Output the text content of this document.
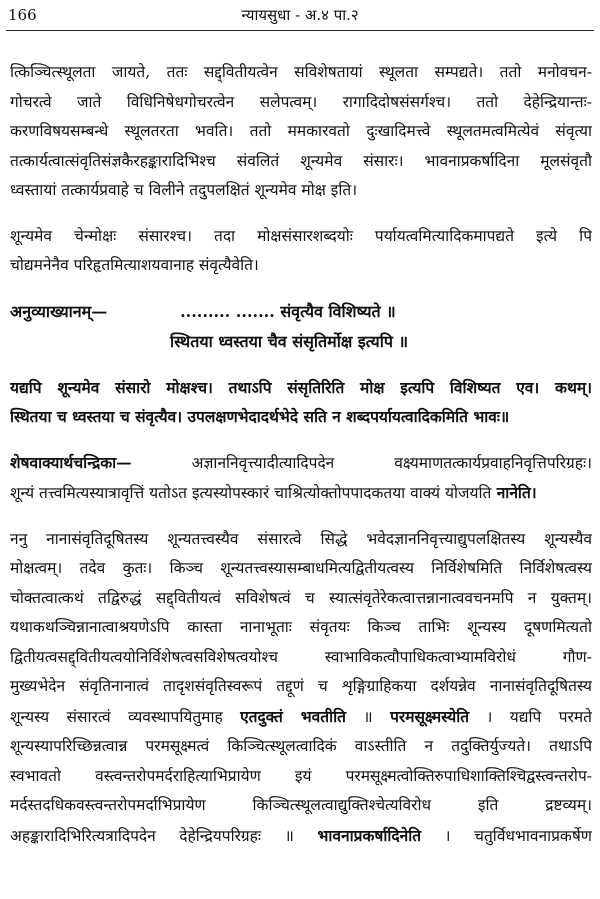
166	न्यायसुधा - अ.४ पा.२
त्किञ्चित्स्थूलता जायते, ततः सद्द्वितीयत्वेन सविशेषतायां स्थूलता सम्पद्यते। ततो मनोवचन-
गोचरत्वे जाते विधिनिषेधगोचरत्वेन सलेपत्वम्। रागादिदोषसंसर्गश्च। ततो देहेन्द्रियान्तः-
करणविषयसम्बन्धे स्थूलतरता भवति। ततो ममकारवतो दुःखादिमत्त्वे स्थूलतमत्वमित्येवं संवृत्या
तत्कार्यत्वात्संवृतिसंज्ञकैरहङ्कारादिभिश्च संवलितं शून्यमेव संसारः। भावनाप्रकर्षादिना मूलसंवृतौ
ध्वस्तायां तत्कार्यप्रवाहे च विलीने तदुपलक्षितं शून्यमेव मोक्ष इति।
शून्यमेव चेन्मोक्षः संसारश्च। तदा मोक्षसंसारशब्दयोः पर्यायत्वमित्यादिकमापद्यते इत्ये पि
चोद्यमनेनैव परिहृतमित्याशयवानाह संवृत्यैवेति।
अनुव्याख्यानम्—	......... ....... संवृत्यैव विशिष्यते ॥
स्थितया ध्वस्तया चैव संसृतिर्मोक्ष इत्यपि ॥
यद्यपि शून्यमेव संसारो मोक्षश्च। तथाऽपि संसृतिरिति मोक्ष इत्यपि विशिष्यत एव। कथम्।
स्थितया च ध्वस्तया च संवृत्यैव। उपलक्षणभेदादर्थभेदे सति न शब्दपर्यायत्वादिकमिति भावः॥
शेषवाक्यार्थचन्द्रिका— अज्ञाननिवृत्त्यादीत्यादिपदेन वक्ष्यमाणतत्कार्यप्रवाहनिवृत्तिपरिग्रहः।
शून्यं तत्त्वमित्यस्यात्रावृत्तिं यतोऽत इत्यस्योपस्कारं चाश्रित्योक्तोपपादकतया वाक्यं योजयति नानेति।
ननु नानासंवृतिदूषितस्य शून्यतत्त्वस्यैव संसारत्वे सिद्धे भवेदज्ञाननिवृत्त्याद्युपलक्षितस्य शून्यस्यैव
मोक्षत्वम्। तदेव कुतः। किञ्च शून्यतत्त्वस्यासम्बाधमित्यद्वितीयत्वस्य निर्विशेषमिति निर्विशेषत्वस्य
चोक्तत्वात्कथं तद्विरुद्धं सद्द्वितीयत्वं सविशेषत्वं च स्यात्संवृतेरेकत्वात्तन्नानात्ववचनमपि न युक्तम्।
यथाकथञ्चिन्नानात्वाश्रयणेऽपि कास्ता नानाभूताः संवृतयः किञ्च ताभिः शून्यस्य दूषणमित्यतो
द्वितीयत्वसद्द्वितीयत्वयोनिर्विशेषत्वसविशेषत्वयोश्च स्वाभाविकत्वौपाधिकत्वाभ्यामविरोधं गौण-
मुख्यभेदेन संवृतिनानात्वं तादृशसंवृतिस्वरूपं तद्दूणं च शृङ्गिग्राहिकया दर्शयन्नेव नानासंवृतिदूषितस्य
शून्यस्य संसारत्वं व्यवस्थापयितुमाह एतदुक्तं भवतीति ॥ परमसूक्ष्मस्येति । यद्यपि परमते
शून्यस्यापरिच्छिन्नत्वान्न परमसूक्ष्मत्वं किञ्चित्स्थूलत्वादिकं वाऽस्तीति न तदुक्तिर्युज्यते। तथाऽपि
स्वभावतो वस्त्वन्तरोपमर्दराहित्याभिप्रायेण इयं परमसूक्ष्मत्वोक्तिरुपाधिशाक्तिश्चिद्वस्त्वन्तरोप-
मर्दस्तदधिकवस्त्वन्तरोपमर्दाभिप्रायेण किञ्चित्स्थूलत्वाद्युक्तिश्चेत्यविरोध इति द्रष्टव्यम्।
अहङ्कारादिभिरित्यत्रादिपदेन देहेन्द्रियपरिग्रहः ॥ भावनाप्रकर्षादिनेति । चतुर्विधभावनाप्रकर्षेण
